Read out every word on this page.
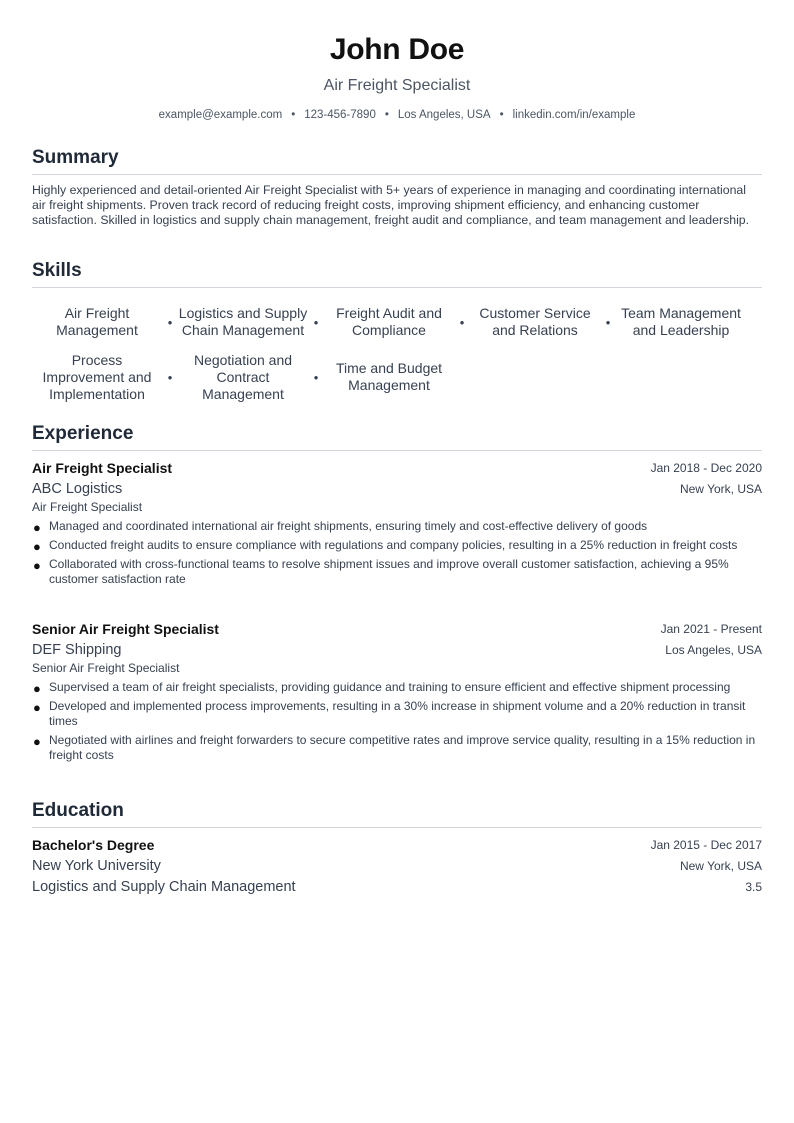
John Doe
Air Freight Specialist
example@example.com • 123-456-7890 • Los Angeles, USA • linkedin.com/in/example
Summary
Highly experienced and detail-oriented Air Freight Specialist with 5+ years of experience in managing and coordinating international air freight shipments. Proven track record of reducing freight costs, improving shipment efficiency, and enhancing customer satisfaction. Skilled in logistics and supply chain management, freight audit and compliance, and team management and leadership.
Skills
Air Freight Management	•
Logistics and Supply Chain Management •
Freight Audit and Compliance	•
Customer Service and Relations	•
Team Management and Leadership
Process Improvement and Implementation
•
Negotiation and Contract Management
•
Time and Budget Management
Experience
Air Freight Specialist	Jan 2018 - Dec 2020
ABC Logistics	New York, USA
Air Freight Specialist
● Managed and coordinated international air freight shipments, ensuring timely and cost-effective delivery of goods
● Conducted freight audits to ensure compliance with regulations and company policies, resulting in a 25% reduction in freight costs
● Collaborated with cross-functional teams to resolve shipment issues and improve overall customer satisfaction, achieving a 95% customer satisfaction rate
Senior Air Freight Specialist	Jan 2021 - Present
DEF Shipping	Los Angeles, USA
Senior Air Freight Specialist
● Supervised a team of air freight specialists, providing guidance and training to ensure efficient and effective shipment processing
● Developed and implemented process improvements, resulting in a 30% increase in shipment volume and a 20% reduction in transit times
● Negotiated with airlines and freight forwarders to secure competitive rates and improve service quality, resulting in a 15% reduction in freight costs
Education
Bachelor's Degree	Jan 2015 - Dec 2017
New York University	New York, USA
Logistics and Supply Chain Management	3.5
